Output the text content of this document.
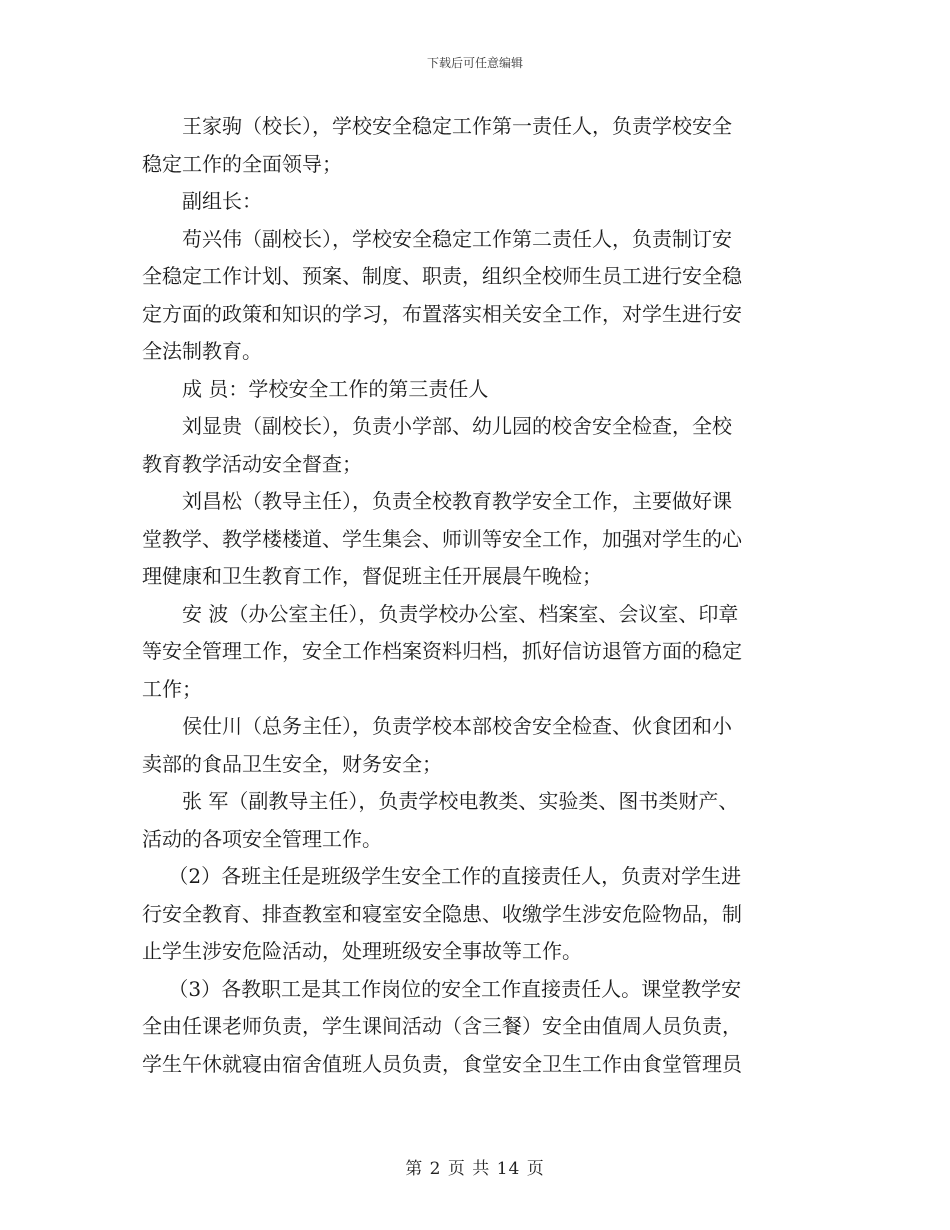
下载后可任意编辑

　　王家驹（校长），学校安全稳定工作第一责任人，负责学校安全
稳定工作的全面领导；

　　副组长：

　　苟兴伟（副校长），学校安全稳定工作第二责任人，负责制订安
全稳定工作计划、预案、制度、职责，组织全校师生员工进行安全稳
定方面的政策和知识的学习，布置落实相关安全工作，对学生进行安
全法制教育。

　　成 员：学校安全工作的第三责任人

　　刘显贵（副校长），负责小学部、幼儿园的校舍安全检查，全校
教育教学活动安全督查；

　　刘昌松（教导主任），负责全校教育教学安全工作，主要做好课
堂教学、教学楼楼道、学生集会、师训等安全工作，加强对学生的心
理健康和卫生教育工作，督促班主任开展晨午晚检；

　　安 波（办公室主任），负责学校办公室、档案室、会议室、印章
等安全管理工作，安全工作档案资料归档，抓好信访退管方面的稳定
工作；

　　侯仕川（总务主任），负责学校本部校舍安全检查、伙食团和小
卖部的食品卫生安全，财务安全；

　　张 军（副教导主任），负责学校电教类、实验类、图书类财产、
活动的各项安全管理工作。

　 （2）各班主任是班级学生安全工作的直接责任人，负责对学生进
行安全教育、排查教室和寝室安全隐患、收缴学生涉安危险物品，制
止学生涉安危险活动，处理班级安全事故等工作。

　 （3）各教职工是其工作岗位的安全工作直接责任人。课堂教学安
全由任课老师负责，学生课间活动（含三餐）安全由值周人员负责，
学生午休就寝由宿舍值班人员负责，食堂安全卫生工作由食堂管理员

第 2 页 共 14 页
